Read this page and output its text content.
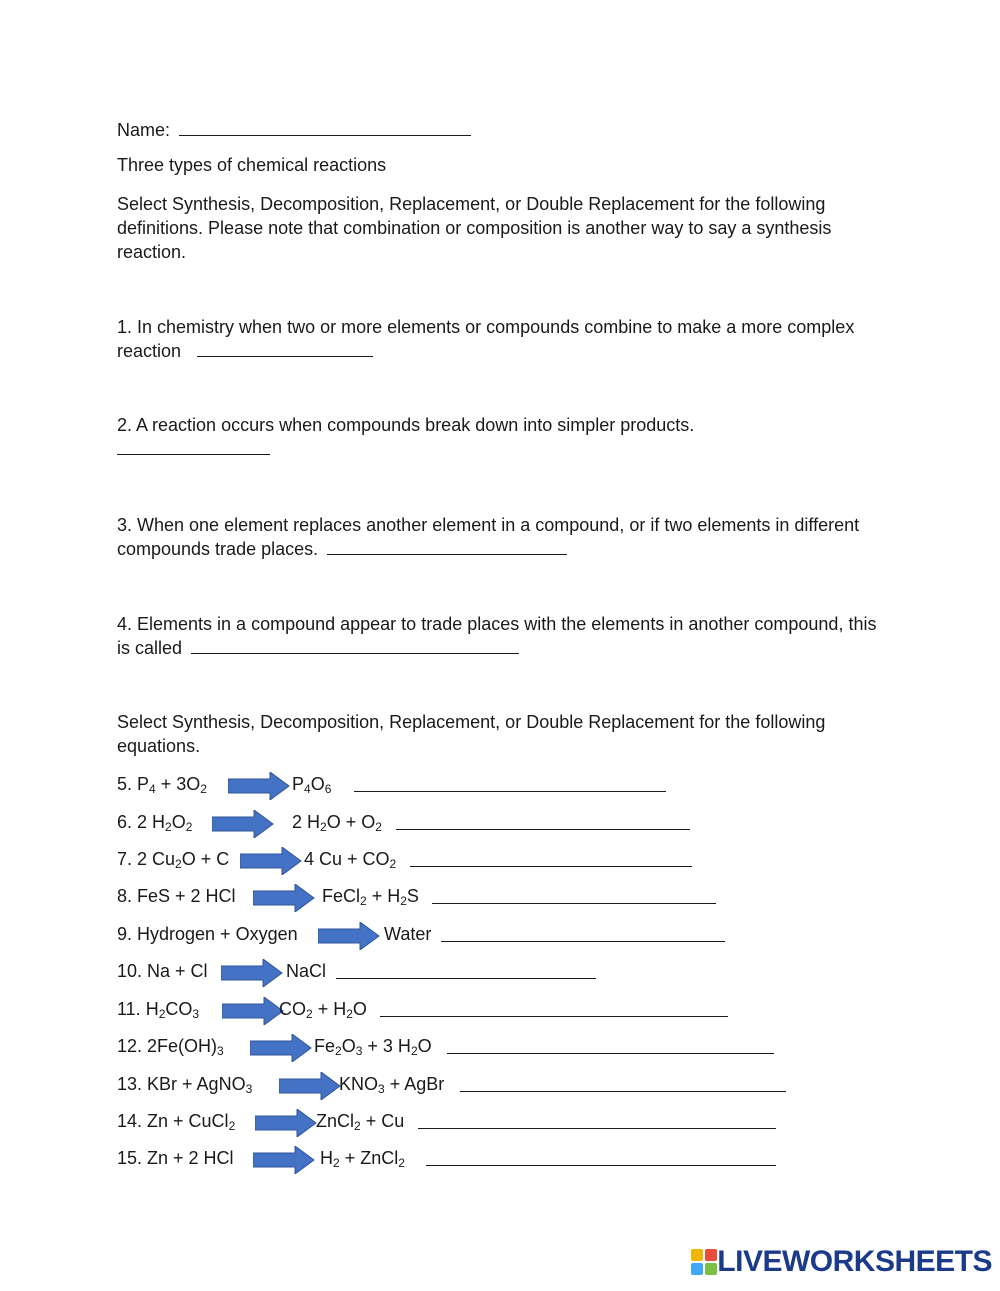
Name:
Three types of chemical reactions
Select Synthesis, Decomposition, Replacement, or Double Replacement for the following definitions. Please note that combination or composition is another way to say a synthesis reaction.
1. In chemistry when two or more elements or compounds combine to make a more complex reaction
2. A reaction occurs when compounds break down into simpler products.

3. When one element replaces another element in a compound, or if two elements in different compounds trade places.
4. Elements in a compound appear to trade places with the elements in another compound, this is called
Select Synthesis, Decomposition, Replacement, or Double Replacement for the following equations.
5. $P_4 + 3O_2 \to P_4O_6$
6. 2 $H_2O_2 \to 2$ $H_2O + O_2$
7. 2 $Cu_2O + C \to 4$ $Cu + CO_2$
8. FeS + 2 HCl → FeCl$_2$ + $H_2S$
9. Hydrogen + Oxygen → Water
10. Na + Cl → NaCl
11. $H_2CO_3$ →
$CO_2 + H_2O$
12. $2Fe(OH)_3 \to Fe_2O_3 + 3$ $H_2O$
13. KBr + AgNO$_3$ →
$KNO_3$ + AgBr
14. Zn + CuCl$_2$ → ZnCl$_2$ + Cu
15. Zn + 2 HCl → $H_2$ + ZnCl$_2$
LIVEWORKSHEETS
